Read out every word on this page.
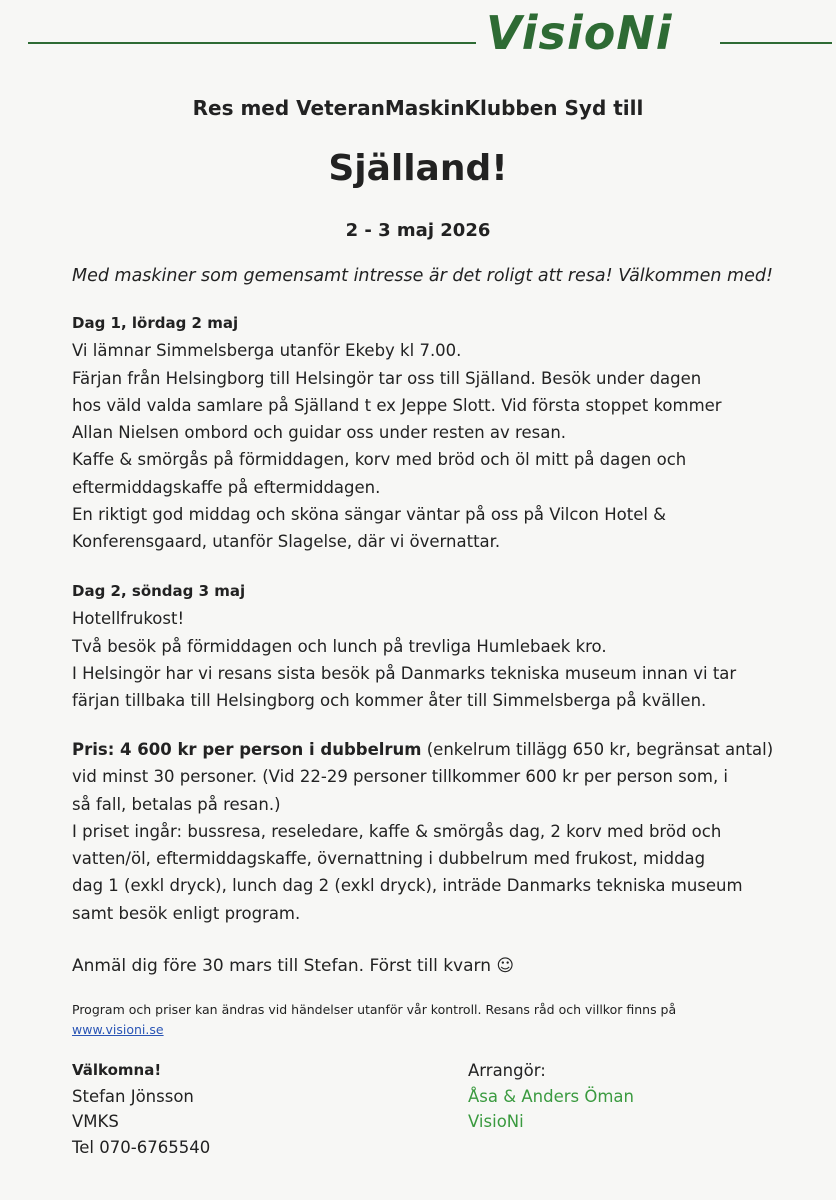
VisioNi
Res med VeteranMaskinKlubben Syd till
Själland!
2 - 3 maj 2026
Med maskiner som gemensamt intresse är det roligt att resa! Välkommen med!
Dag 1, lördag 2 maj
Vi lämnar Simmelsberga utanför Ekeby kl 7.00.
Färjan från Helsingborg till Helsingör tar oss till Själland. Besök under dagen
hos väld valda samlare på Själland t ex Jeppe Slott. Vid första stoppet kommer
Allan Nielsen ombord och guidar oss under resten av resan.
Kaffe & smörgås på förmiddagen, korv med bröd och öl mitt på dagen och
eftermiddagskaffe på eftermiddagen.
En riktigt god middag och sköna sängar väntar på oss på Vilcon Hotel &
Konferensgaard, utanför Slagelse, där vi övernattar.
Dag 2, söndag 3 maj
Hotellfrukost!
Två besök på förmiddagen och lunch på trevliga Humlebaek kro.
I Helsingör har vi resans sista besök på Danmarks tekniska museum innan vi tar
färjan tillbaka till Helsingborg och kommer åter till Simmelsberga på kvällen.
Pris: 4 600 kr per person i dubbelrum (enkelrum tillägg 650 kr, begränsat antal)
vid minst 30 personer. (Vid 22-29 personer tillkommer 600 kr per person som, i
så fall, betalas på resan.)
I priset ingår: bussresa, reseledare, kaffe & smörgås dag, 2 korv med bröd och
vatten/öl, eftermiddagskaffe, övernattning i dubbelrum med frukost, middag
dag 1 (exkl dryck), lunch dag 2 (exkl dryck), inträde Danmarks tekniska museum
samt besök enligt program.
Anmäl dig före 30 mars till Stefan. Först till kvarn ☺
Program och priser kan ändras vid händelser utanför vår kontroll. Resans råd och villkor finns på
www.visioni.se
Välkomna!
Stefan Jönsson
VMKS
Tel 070-6765540
Arrangör:
Åsa & Anders Öman
VisioNi
